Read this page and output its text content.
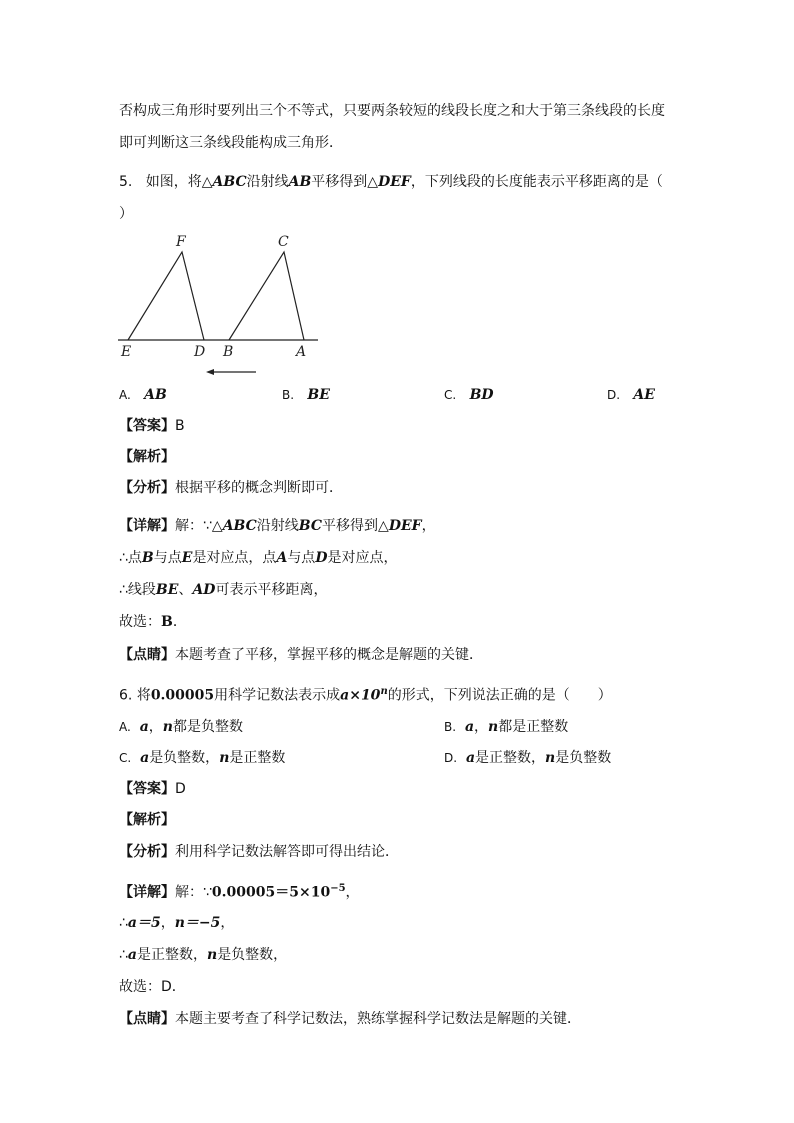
否构成三角形时要列出三个不等式，只要两条较短的线段长度之和大于第三条线段的长度
即可判断这三条线段能构成三角形．
5. 如图，将△ABC沿射线AB平移得到△DEF，下列线段的长度能表示平移距离的是（
）
F	C
E	D B	A
A. AB	B. BE	C. BD	D. AE
【答案】B
【解析】
【分析】根据平移的概念判断即可．
【详解】解：∵△ABC沿射线BC平移得到△DEF，
∴点B与点E是对应点，点A与点D是对应点，
∴线段BE、AD可表示平移距离，
故选：B．
【点睛】本题考查了平移，掌握平移的概念是解题的关键．
6. 将0.00005用科学记数法表示成$a\times 10^n$的形式，下列说法正确的是（　　）
A. a，n都是负整数	B. a，n都是正整数
C. a是负整数，n是正整数	D. a是正整数，n是负整数
【答案】D
【解析】
【分析】利用科学记数法解答即可得出结论．
【详解】解：$\because 0.00005=5\times 10^{-5}$，
∴a＝5，n＝−5，
∴a是正整数，n是负整数，
故选：D．
【点睛】本题主要考查了科学记数法，熟练掌握科学记数法是解题的关键．
